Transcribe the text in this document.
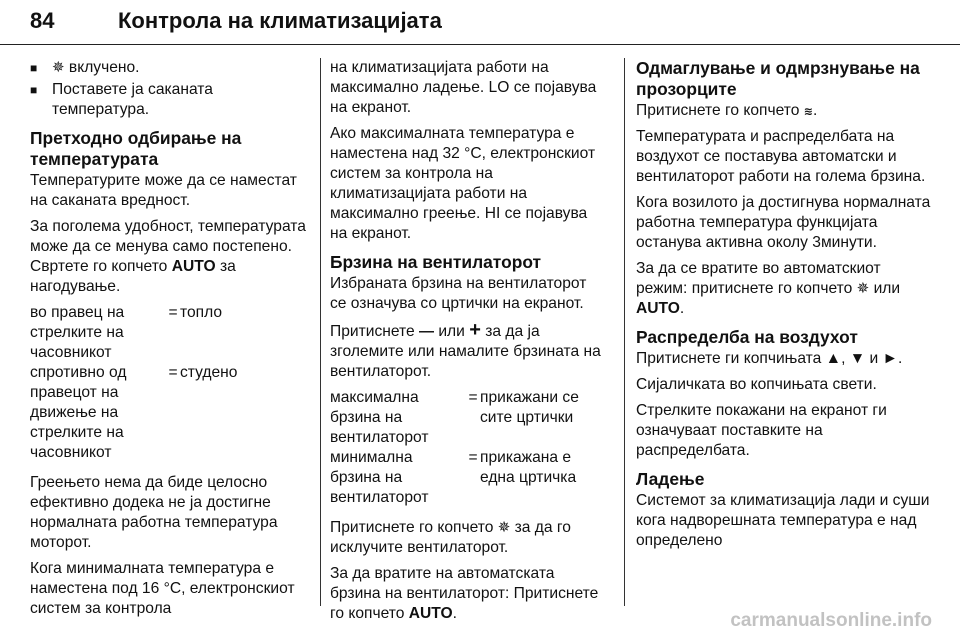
84	Контрола на климатизацијата
✵ ■ вклучено.
■ Поставете ја саканата температура.
Претходно одбирање на температурата

Температурите може да се наместат на саканата вредност.

За поголема удобност, температурата може да се менува само постепено. Свртете го копчето AUTO за нагодување.

во правец на стрелките на часовникот
= топло
спротивно од правецот на движење на стрелките на часовникот
= студено

Греењето нема да биде целосно ефективно додека не ја достигне нормалната работна температура моторот.

Кога минималната температура е наместена под 16 °C, електронскиот систем за контрола

на климатизацијата работи на максимално ладење. LO се појавува на екранот.

Ако максималната температура е наместена над 32 °C, електронскиот систем за контрола на климатизацијата работи на максимално греење. HI се појавува на екранот.

Брзина на вентилаторот

Избраната брзина на вентилаторот се означува со цртички на екранот.

Притиснете — или + за да ја зголемите или намалите брзината на вентилаторот.

максимална брзина на вентилаторот
= прикажани се сите цртички
минимална брзина на вентилаторот
= прикажана е една цртичка

Притиснете го копчето ✵ за да го исклучите вентилаторот.

За да вратите на автоматската брзина на вентилаторот: Притиснете го копчето AUTO.

Одмаглување и одмрзнување на прозорците

Притиснете го копчето ≋ .

Температурата и распределбата на воздухот се поставува автоматски и вентилаторот работи на голема брзина.

Кога возилото ја достигнува нормалната работна температура функцијата останува активна околу 3минути.

За да се вратите во автоматскиот режим: притиснете го копчето ✵ или AUTO.

Распределба на воздухот

Притиснете ги копчињата ▲, ▼ и ►.

Сијаличката во копчињата свети.

Стрелките покажани на екранот ги означуваат поставките на распределбата.

Ладење

Системот за климатизација лади и суши кога надворешната температура е над определено

carmanualsonline.info
